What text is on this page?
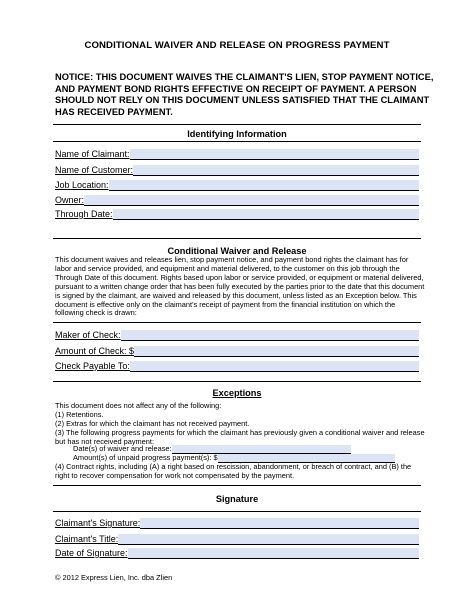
CONDITIONAL WAIVER AND RELEASE ON PROGRESS PAYMENT
NOTICE: THIS DOCUMENT WAIVES THE CLAIMANT'S LIEN, STOP PAYMENT NOTICE, AND PAYMENT BOND RIGHTS EFFECTIVE ON RECEIPT OF PAYMENT. A PERSON SHOULD NOT RELY ON THIS DOCUMENT UNLESS SATISFIED THAT THE CLAIMANT HAS RECEIVED PAYMENT.
Identifying Information
Name of Claimant:
Name of Customer:
Job Location:
Owner:
Through Date:
Conditional Waiver and Release
This document waives and releases lien, stop payment notice, and payment bond rights the claimant has for labor and service provided, and equipment and material delivered, to the customer on this job through the Through Date of this document. Rights based upon labor or service provided, or equipment or material delivered, pursuant to a written change order that has been fully executed by the parties prior to the date that this document is signed by the claimant, are waived and released by this document, unless listed as an Exception below. This document is effective only on the claimant's receipt of payment from the financial institution on which the following check is drawn:
Maker of Check:
Amount of Check: $
Check Payable To:
Exceptions
This document does not affect any of the following:
(1) Retentions.
(2) Extras for which the claimant has not received payment.
(3) The following progress payments for which the claimant has previously given a conditional waiver and release but has not received payment:
Date(s) of waiver and release:
Amount(s) of unpaid progress payment(s): $
(4) Contract rights, including (A) a right based on rescission, abandonment, or breach of contract, and (B) the right to recover compensation for work not compensated by the payment.
Signature
Claimant's Signature:
Claimant's Title:
Date of Signature:
© 2012 Express Lien, Inc. dba Zlien
